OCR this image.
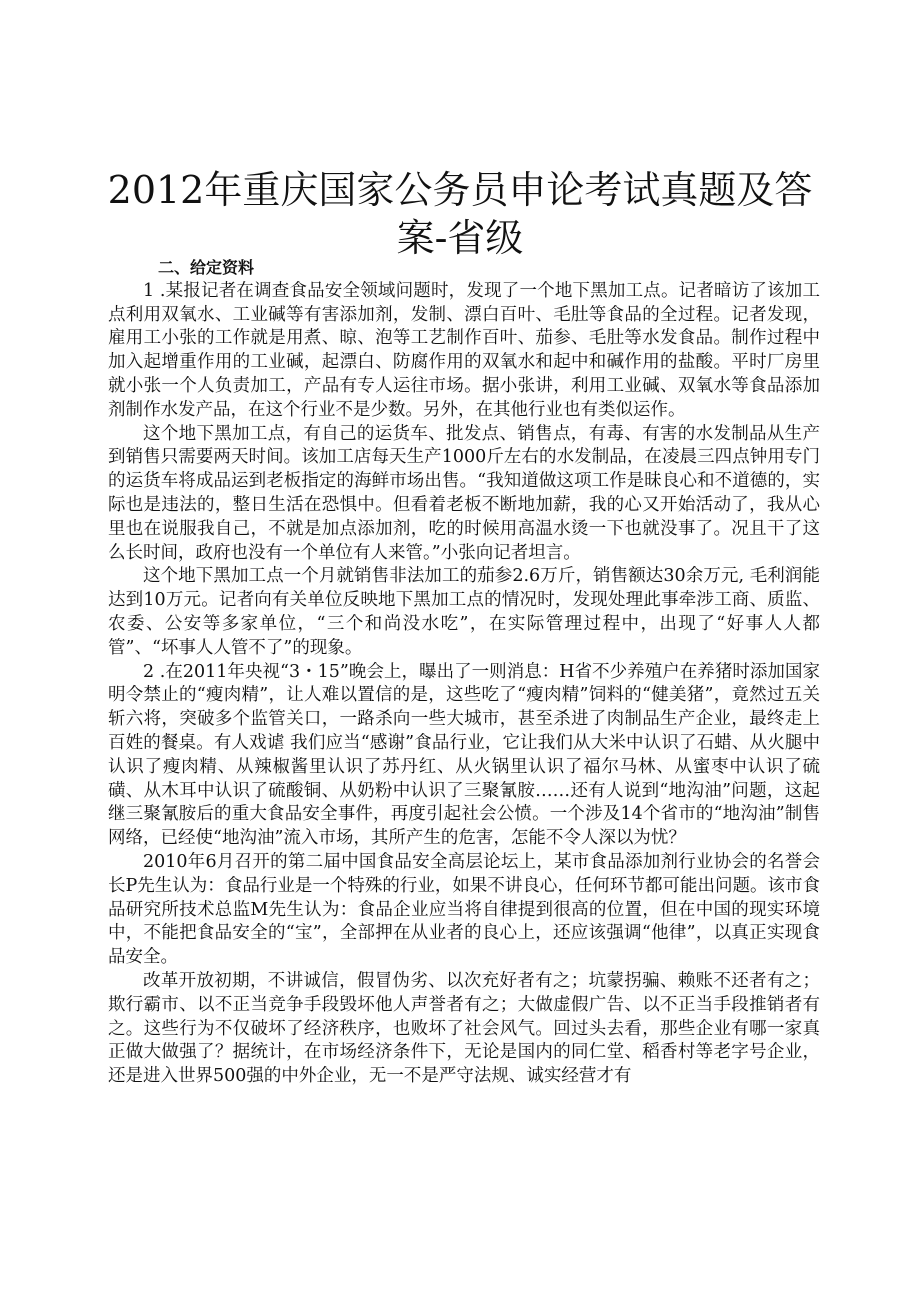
2012年重庆国家公务员申论考试真题及答案-省级

二、给定资料

1 .某报记者在调查食品安全领域问题时，发现了一个地下黑加工点。记者暗访了该加工点利用双氧水、工业碱等有害添加剂，发制、漂白百叶、毛肚等食品的全过程。记者发现，雇用工小张的工作就是用煮、晾、泡等工艺制作百叶、茄参、毛肚等水发食品。制作过程中加入起增重作用的工业碱，起漂白、防腐作用的双氧水和起中和碱作用的盐酸。平时厂房里就小张一个人负责加工，产品有专人运往市场。据小张讲，利用工业碱、双氧水等食品添加剂制作水发产品，在这个行业不是少数。另外，在其他行业也有类似运作。

这个地下黑加工点，有自己的运货车、批发点、销售点，有毒、有害的水发制品从生产到销售只需要两天时间。该加工店每天生产1000斤左右的水发制品，在凌晨三四点钟用专门的运货车将成品运到老板指定的海鲜市场出售。“我知道做这项工作是昧良心和不道德的，实际也是违法的，整日生活在恐惧中。但看着老板不断地加薪，我的心又开始活动了，我从心里也在说服我自己，不就是加点添加剂，吃的时候用高温水烫一下也就没事了。况且干了这么长时间，政府也没有一个单位有人来管。”小张向记者坦言。

这个地下黑加工点一个月就销售非法加工的茄参2.6万斤，销售额达30余万元, 毛利润能达到10万元。记者向有关单位反映地下黑加工点的情况时，发现处理此事牵涉工商、质监、农委、公安等多家单位，“三个和尚没水吃”，在实际管理过程中，出现了“好事人人都管”、“坏事人人管不了”的现象。

2 .在2011年央视“3・15”晚会上，曝出了一则消息：H省不少养殖户在养猪时添加国家明令禁止的“瘦肉精”，让人难以置信的是，这些吃了“瘦肉精”饲料的“健美猪”，竟然过五关斩六将，突破多个监管关口，一路杀向一些大城市，甚至杀进了肉制品生产企业，最终走上百姓的餐桌。有人戏谑 我们应当“感谢”食品行业，它让我们从大米中认识了石蜡、从火腿中认识了瘦肉精、从辣椒酱里认识了苏丹红、从火锅里认识了福尔马林、从蜜枣中认识了硫磺、从木耳中认识了硫酸铜、从奶粉中认识了三聚氰胺……还有人说到“地沟油”问题，这起继三聚氰胺后的重大食品安全事件，再度引起社会公愤。一个涉及14个省市的“地沟油”制售网络，已经使“地沟油”流入市场，其所产生的危害，怎能不令人深以为忧？

2010年6月召开的第二届中国食品安全高层论坛上，某市食品添加剂行业协会的名誉会长P先生认为：食品行业是一个特殊的行业，如果不讲良心，任何环节都可能出问题。该市食品研究所技术总监M先生认为：食品企业应当将自律提到很高的位置，但在中国的现实环境中，不能把食品安全的“宝”，全部押在从业者的良心上，还应该强调“他律”，以真正实现食品安全。

改革开放初期，不讲诚信，假冒伪劣、以次充好者有之；坑蒙拐骗、赖账不还者有之；欺行霸市、以不正当竞争手段毁坏他人声誉者有之；大做虚假广告、以不正当手段推销者有之。这些行为不仅破坏了经济秩序，也败坏了社会风气。回过头去看，那些企业有哪一家真正做大做强了？据统计，在市场经济条件下，无论是国内的同仁堂、稻香村等老字号企业，还是进入世界500强的中外企业，无一不是严守法规、诚实经营才有
